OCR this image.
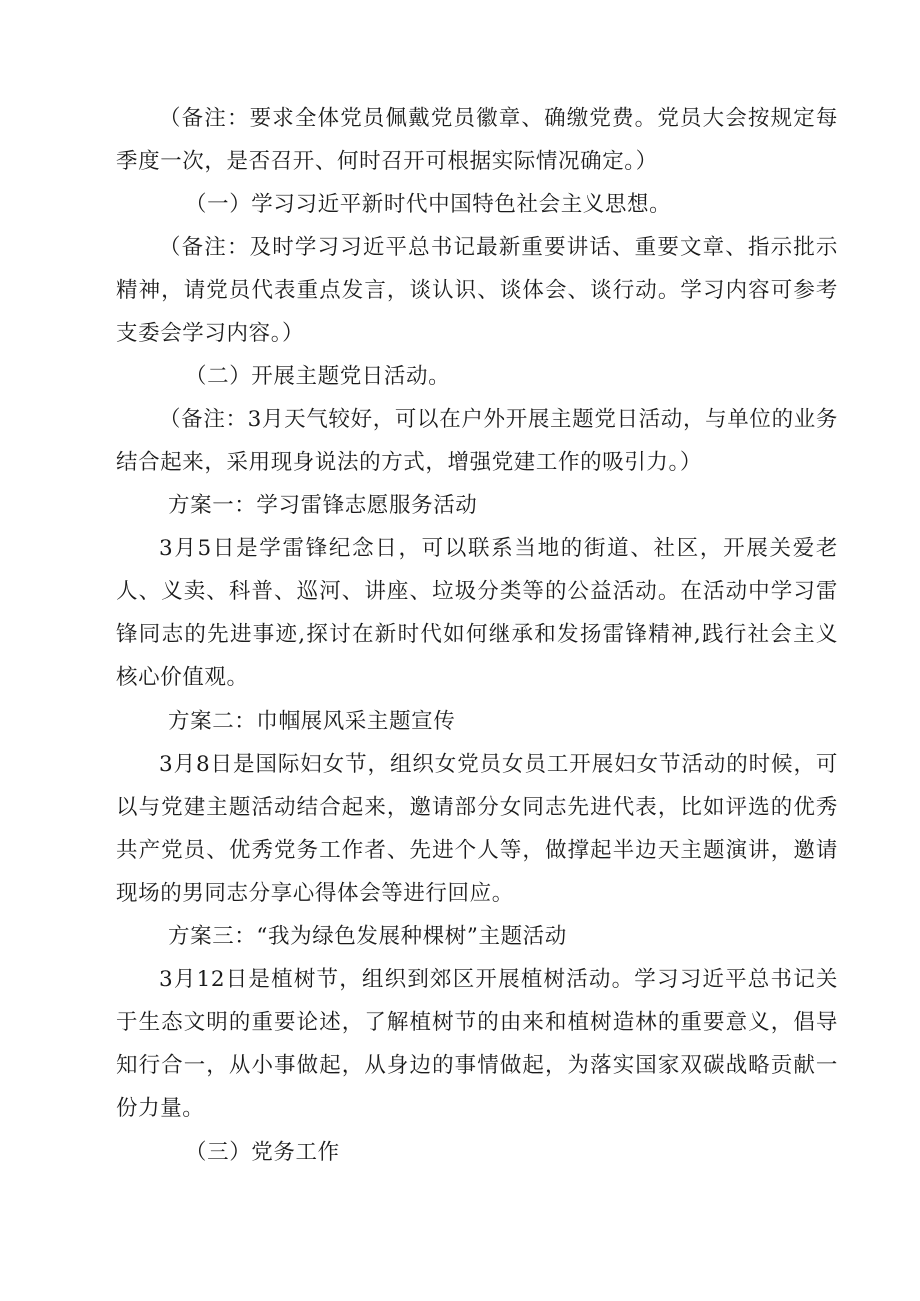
（备注：要求全体党员佩戴党员徽章、确缴党费。党员大会按规定每季度一次，是否召开、何时召开可根据实际情况确定。）

（一）学习习近平新时代中国特色社会主义思想。

（备注：及时学习习近平总书记最新重要讲话、重要文章、指示批示精神，请党员代表重点发言，谈认识、谈体会、谈行动。学习内容可参考支委会学习内容。）

（二）开展主题党日活动。

（备注：3月天气较好，可以在户外开展主题党日活动，与单位的业务结合起来，采用现身说法的方式，增强党建工作的吸引力。）

方案一：学习雷锋志愿服务活动

3月5日是学雷锋纪念日，可以联系当地的街道、社区，开展关爱老人、义卖、科普、巡河、讲座、垃圾分类等的公益活动。在活动中学习雷锋同志的先进事迹,探讨在新时代如何继承和发扬雷锋精神,践行社会主义核心价值观。

方案二：巾帼展风采主题宣传

3月8日是国际妇女节，组织女党员女员工开展妇女节活动的时候，可以与党建主题活动结合起来，邀请部分女同志先进代表，比如评选的优秀共产党员、优秀党务工作者、先进个人等，做撑起半边天主题演讲，邀请现场的男同志分享心得体会等进行回应。

方案三：“我为绿色发展种棵树”主题活动

3月12日是植树节，组织到郊区开展植树活动。学习习近平总书记关于生态文明的重要论述，了解植树节的由来和植树造林的重要意义，倡导知行合一，从小事做起，从身边的事情做起，为落实国家双碳战略贡献一份力量。

（三）党务工作
